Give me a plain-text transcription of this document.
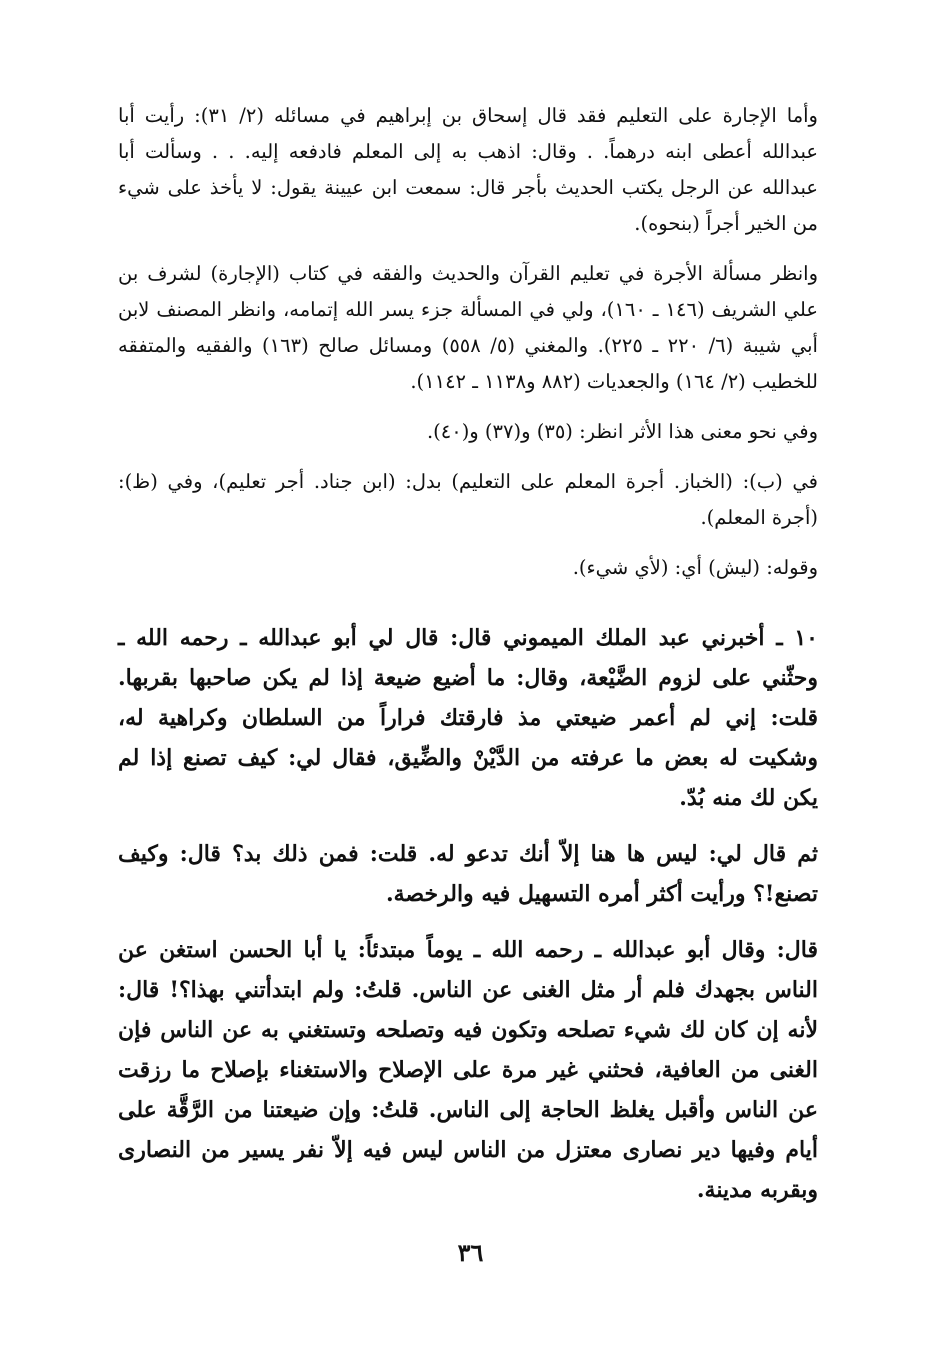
وأما الإجارة على التعليم فقد قال إسحاق بن إبراهيم في مسائله (٢/ ٣١): رأيت أبا عبدالله أعطى ابنه درهماً. . وقال: اذهب به إلى المعلم فادفعه إليه. . . وسألت أبا عبدالله عن الرجل يكتب الحديث بأجر قال: سمعت ابن عيينة يقول: لا يأخذ على شيء من الخير أجراً (بنحوه).

وانظر مسألة الأجرة في تعليم القرآن والحديث والفقه في كتاب (الإجارة) لشرف بن علي الشريف (١٤٦ ـ ١٦٠)، ولي في المسألة جزء يسر الله إتمامه، وانظر المصنف لابن أبي شيبة (٦/ ٢٢٠ ـ ٢٢٥). والمغني (٥/ ٥٥٨) ومسائل صالح (١٦٣) والفقيه والمتفقه للخطيب (٢/ ١٦٤) والجعديات (٨٨٢ و١١٣٨ ـ ١١٤٢).

وفي نحو معنى هذا الأثر انظر: (٣٥) و(٣٧) و(٤٠).

في (ب): (الخباز. أجرة المعلم على التعليم) بدل: (ابن جناد. أجر تعليم)، وفي (ظ): (أجرة المعلم).

وقوله: (ليش) أي: (لأي شيء).

١٠ ـ أخبرني عبد الملك الميموني قال: قال لي أبو عبدالله ـ رحمه الله ـ وحثّني على لزوم الضَّيْعة، وقال: ما أضيع ضيعة إذا لم يكن صاحبها بقربها. قلت: إني لم أعمر ضيعتي مذ فارقتك فراراً من السلطان وكراهية له، وشكيت له بعض ما عرفته من الدَّيْنْ والضِّيق، فقال لي: كيف تصنع إذا لم يكن لك منه بُدّ.

ثم قال لي: ليس ها هنا إلاّ أنك تدعو له. قلت: فمن ذلك بد؟ قال: وكيف تصنع!؟ ورأيت أكثر أمره التسهيل فيه والرخصة.

قال: وقال أبو عبدالله ـ رحمه الله ـ يوماً مبتدئاً: يا أبا الحسن استغن عن الناس بجهدك فلم أر مثل الغنى عن الناس. قلتُ: ولم ابتدأتني بهذا؟! قال: لأنه إن كان لك شيء تصلحه وتكون فيه وتصلحه وتستغني به عن الناس فإن الغنى من العافية، فحثني غير مرة على الإصلاح والاستغناء بإصلاح ما رزقت عن الناس وأقبل يغلظ الحاجة إلى الناس. قلتُ: وإن ضيعتنا من الرَّقَّة على أيام وفيها دير نصارى معتزل من الناس ليس فيه إلاّ نفر يسير من النصارى وبقربه مدينة.

٣٦
